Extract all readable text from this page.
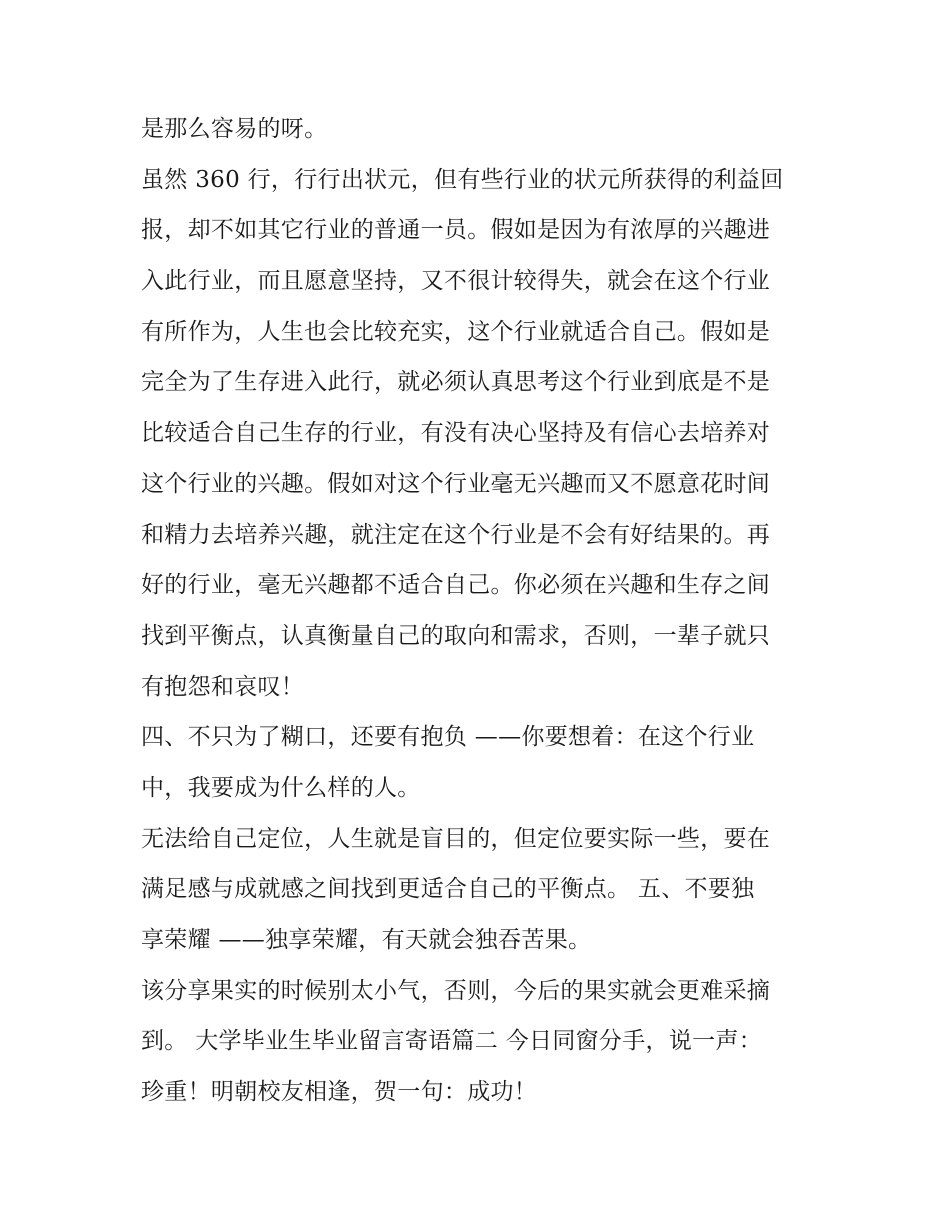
是那么容易的呀。
虽然 360 行，行行出状元，但有些行业的状元所获得的利益回
报，却不如其它行业的普通一员。假如是因为有浓厚的兴趣进
入此行业，而且愿意坚持，又不很计较得失，就会在这个行业
有所作为，人生也会比较充实，这个行业就适合自己。假如是
完全为了生存进入此行，就必须认真思考这个行业到底是不是
比较适合自己生存的行业，有没有决心坚持及有信心去培养对
这个行业的兴趣。假如对这个行业毫无兴趣而又不愿意花时间
和精力去培养兴趣，就注定在这个行业是不会有好结果的。再
好的行业，毫无兴趣都不适合自己。你必须在兴趣和生存之间
找到平衡点，认真衡量自己的取向和需求，否则，一辈子就只
有抱怨和哀叹！
四、不只为了糊口，还要有抱负 ——你要想着：在这个行业
中，我要成为什么样的人。
无法给自己定位，人生就是盲目的，但定位要实际一些，要在
满足感与成就感之间找到更适合自己的平衡点。 五、不要独
享荣耀 ——独享荣耀，有天就会独吞苦果。
该分享果实的时候别太小气，否则，今后的果实就会更难采摘
到。 大学毕业生毕业留言寄语篇二 今日同窗分手，说一声：
珍重！明朝校友相逢，贺一句：成功！
